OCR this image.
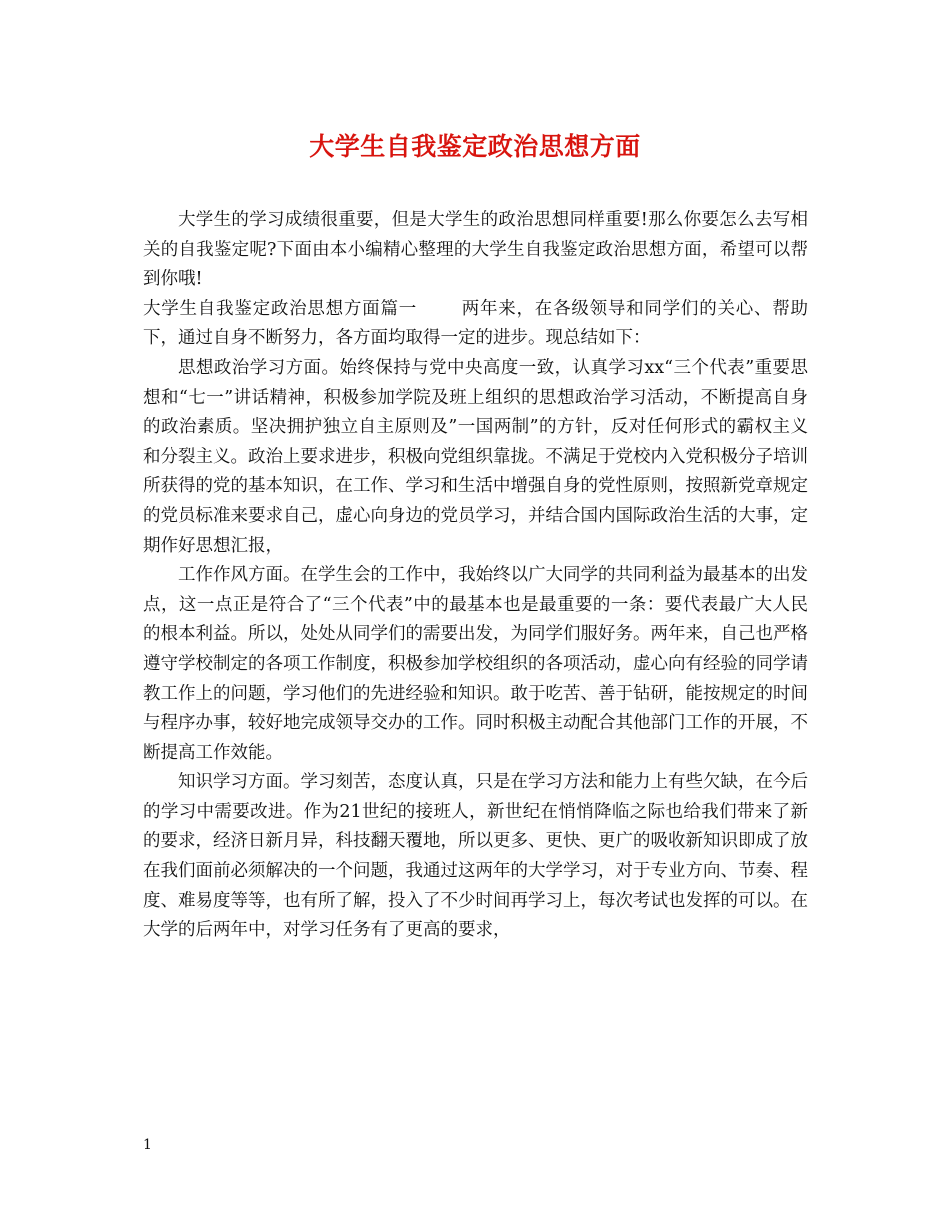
大学生自我鉴定政治思想方面

大学生的学习成绩很重要，但是大学生的政治思想同样重要!那么你要怎么去写相关的自我鉴定呢?下面由本小编精心整理的大学生自我鉴定政治思想方面，希望可以帮到你哦!

大学生自我鉴定政治思想方面篇一	两年来，在各级领导和同学们的关心、帮助下，通过自身不断努力，各方面均取得一定的进步。现总结如下：

思想政治学习方面。始终保持与党中央高度一致，认真学习xx“三个代表”重要思想和“七一”讲话精神，积极参加学院及班上组织的思想政治学习活动，不断提高自身的政治素质。坚决拥护独立自主原则及”一国两制”的方针，反对任何形式的霸权主义和分裂主义。政治上要求进步，积极向党组织靠拢。不满足于党校内入党积极分子培训所获得的党的基本知识，在工作、学习和生活中增强自身的党性原则，按照新党章规定的党员标准来要求自己，虚心向身边的党员学习，并结合国内国际政治生活的大事，定期作好思想汇报，

工作作风方面。在学生会的工作中，我始终以广大同学的共同利益为最基本的出发点，这一点正是符合了“三个代表”中的最基本也是最重要的一条：要代表最广大人民的根本利益。所以，处处从同学们的需要出发，为同学们服好务。两年来，自己也严格遵守学校制定的各项工作制度，积极参加学校组织的各项活动，虚心向有经验的同学请教工作上的问题，学习他们的先进经验和知识。敢于吃苦、善于钻研，能按规定的时间与程序办事，较好地完成领导交办的工作。同时积极主动配合其他部门工作的开展，不断提高工作效能。

知识学习方面。学习刻苦，态度认真，只是在学习方法和能力上有些欠缺，在今后的学习中需要改进。作为21世纪的接班人，新世纪在悄悄降临之际也给我们带来了新的要求，经济日新月异，科技翻天覆地，所以更多、更快、更广的吸收新知识即成了放在我们面前必须解决的一个问题，我通过这两年的大学学习，对于专业方向、节奏、程度、难易度等等，也有所了解，投入了不少时间再学习上，每次考试也发挥的可以。在大学的后两年中，对学习任务有了更高的要求，

1
